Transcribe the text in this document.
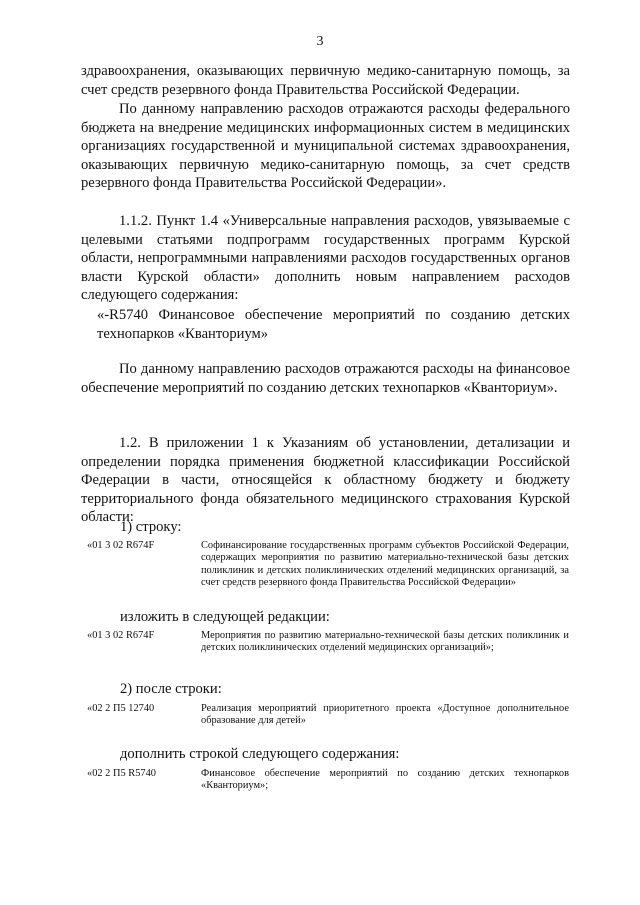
3

здравоохранения, оказывающих первичную медико-санитарную помощь, за счет средств резервного фонда Правительства Российской Федерации.

По данному направлению расходов отражаются расходы федерального бюджета на внедрение медицинских информационных систем в медицинских организациях государственной и муниципальной системах здравоохранения, оказывающих первичную медико-санитарную помощь, за счет средств резервного фонда Правительства Российской Федерации».

1.1.2. Пункт 1.4 «Универсальные направления расходов, увязываемые с целевыми статьями подпрограмм государственных программ Курской области, непрограммными направлениями расходов государственных органов власти Курской области» дополнить новым направлением расходов следующего содержания:

«-R5740 Финансовое обеспечение мероприятий по созданию детских технопарков «Кванториум»

По данному направлению расходов отражаются расходы на финансовое обеспечение мероприятий по созданию детских технопарков «Кванториум».

1.2. В приложении 1 к Указаниям об установлении, детализации и определении порядка применения бюджетной классификации Российской Федерации в части, относящейся к областному бюджету и бюджету территориального фонда обязательного медицинского страхования Курской области:

1) строку:

«01 3 02 R674F	Софинансирование государственных программ субъектов Российской Федерации, содержащих мероприятия по развитию материально-технической базы детских поликлиник и детских поликлинических отделений медицинских организаций, за счет средств резервного фонда Правительства Российской Федерации»

изложить в следующей редакции:

«01 3 02 R674F	Мероприятия по развитию материально-технической базы детских поликлиник и детских поликлинических отделений медицинских организаций»;

2) после строки:

«02 2 П5 12740	Реализация мероприятий приоритетного проекта «Доступное дополнительное образование для детей»

дополнить строкой следующего содержания:

«02 2 П5 R5740	Финансовое обеспечение мероприятий по созданию детских технопарков «Кванториум»;
